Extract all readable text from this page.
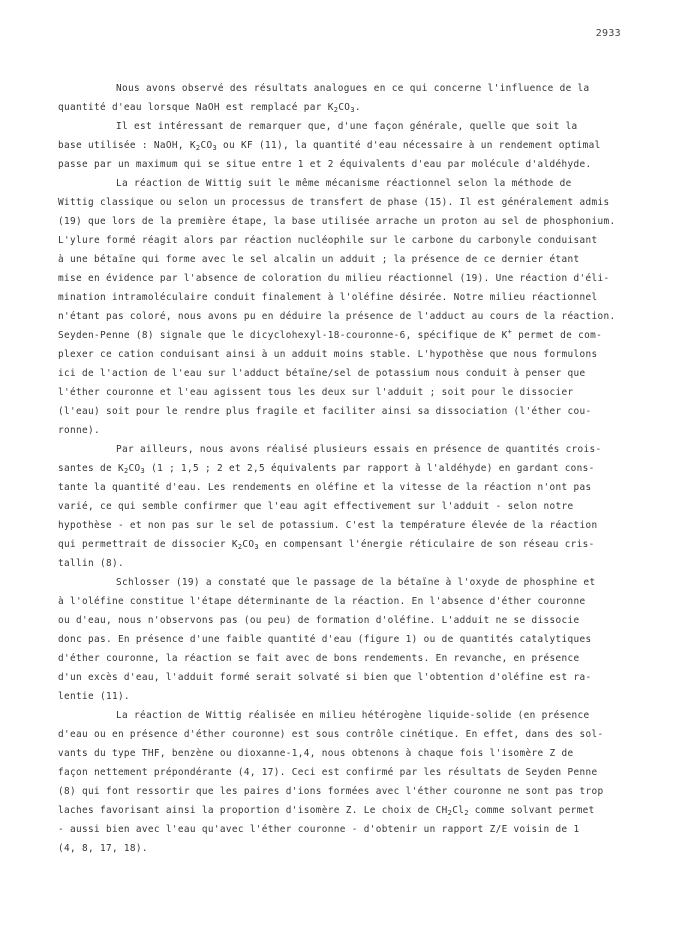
2933

Nous avons observé des résultats analogues en ce qui concerne l'influence de la

quantité d'eau lorsque NaOH est remplacé par $K_2CO_3$.

Il est intéressant de remarquer que, d'une façon générale, quelle que soit la

base utilisée : NaOH, $K_2CO_3$ ou KF (11), la quantité d'eau nécessaire à un rendement optimal

passe par un maximum qui se situe entre 1 et 2 équivalents d'eau par molécule d'aldéhyde.

La réaction de Wittig suit le même mécanisme réactionnel selon la méthode de

Wittig classique ou selon un processus de transfert de phase (15). Il est généralement admis

(19) que lors de la première étape, la base utilisée arrache un proton au sel de phosphonium.

L'ylure formé réagit alors par réaction nucléophile sur le carbone du carbonyle conduisant

à une bétaïne qui forme avec le sel alcalin un adduit ; la présence de ce dernier étant

mise en évidence par l'absence de coloration du milieu réactionnel (19). Une réaction d'éli-

mination intramoléculaire conduit finalement à l'oléfine désirée. Notre milieu réactionnel

n'étant pas coloré, nous avons pu en déduire la présence de l'adduct au cours de la réaction.

Seyden-Penne (8) signale que le dicyclohexyl-18-couronne-6, spécifique de K+ permet de com-

plexer ce cation conduisant ainsi à un adduit moins stable. L'hypothèse que nous formulons

ici de l'action de l'eau sur l'adduct bétaïne/sel de potassium nous conduit à penser que

l'éther couronne et l'eau agissent tous les deux sur l'adduit ; soit pour le dissocier

(l'eau) soit pour le rendre plus fragile et faciliter ainsi sa dissociation (l'éther cou-

ronne).

Par ailleurs, nous avons réalisé plusieurs essais en présence de quantités crois-

santes de $K_2CO_3$ (1 ; 1,5 ; 2 et 2,5 équivalents par rapport à l'aldéhyde) en gardant cons-

tante la quantité d'eau. Les rendements en oléfine et la vitesse de la réaction n'ont pas

varié, ce qui semble confirmer que l'eau agit effectivement sur l'adduit - selon notre

hypothèse - et non pas sur le sel de potassium. C'est la température élevée de la réaction

qui permettrait de dissocier $K_2CO_3$ en compensant l'énergie réticulaire de son réseau cris-

tallin (8).

Schlosser (19) a constaté que le passage de la bétaïne à l'oxyde de phosphine et

à l'oléfine constitue l'étape déterminante de la réaction. En l'absence d'éther couronne

ou d'eau, nous n'observons pas (ou peu) de formation d'oléfine. L'adduit ne se dissocie

donc pas. En présence d'une faible quantité d'eau (figure 1) ou de quantités catalytiques

d'éther couronne, la réaction se fait avec de bons rendements. En revanche, en présence

d'un excès d'eau, l'adduit formé serait solvaté si bien que l'obtention d'oléfine est ra-

lentie (11).

La réaction de Wittig réalisée en milieu hétérogène liquide-solide (en présence

d'eau ou en présence d'éther couronne) est sous contrôle cinétique. En effet, dans des sol-

vants du type THF, benzène ou dioxanne-1,4, nous obtenons à chaque fois l'isomère Z de

façon nettement prépondérante (4, 17). Ceci est confirmé par les résultats de Seyden Penne

(8) qui font ressortir que les paires d'ions formées avec l'éther couronne ne sont pas trop

laches favorisant ainsi la proportion d'isomère Z. Le choix de $CH_2Cl_2$ comme solvant permet

- aussi bien avec l'eau qu'avec l'éther couronne - d'obtenir un rapport Z/E voisin de 1

(4, 8, 17, 18).
